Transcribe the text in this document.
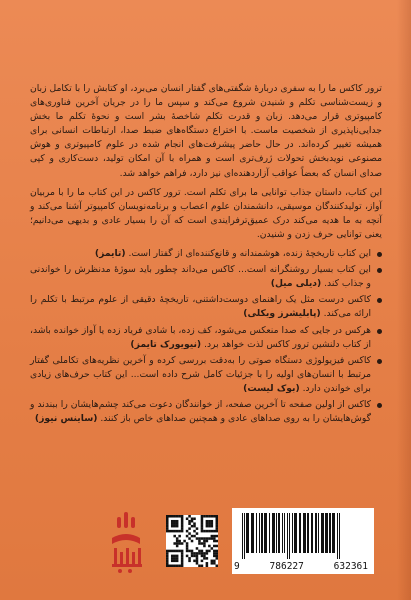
ترور کاکس ما را به سفری دربارهٔ شگفتی‌های گفتار انسان می‌برد، او کتابش را با تکامل زبان و زیست‌شناسی تکلم و شنیدن شروع می‌کند و سپس ما را در جریان آخرین فناوری‌های کامپیوتری قرار می‌دهد. زبان و قدرت تکلم شاخصهٔ بشر است و نحوهٔ تکلم ما بخش جدایی‌ناپذیری از شخصیت ماست. با اختراع دستگاه‌های ضبط صدا، ارتباطات انسانی برای همیشه تغییر کرده‌اند. در حال حاضر پیشرفت‌های انجام شده در علوم کامپیوتری و هوش مصنوعی نویدبخش تحولات ژرف‌تری است و همراه با آن امکان تولید، دست‌کاری و کپی صدای انسان که بعضاً عواقب آزاردهنده‌ای نیز دارد، فراهم خواهد شد.

این کتاب، داستان جذاب توانایی ما برای تکلم است. ترور کاکس در این کتاب ما را با مربیان آواز، تولیدکنندگان موسیقی، دانشمندان علوم اعصاب و برنامه‌نویسان کامپیوتر آشنا می‌کند و آنچه به ما هدیه می‌کند درک عمیق‌ترفرایندی است که آن را بسیار عادی و بدیهی می‌دانیم؛ یعنی توانایی حرف زدن و شنیدن.

این کتاب تاریخچهٔ زنده، هوشمندانه و قانع‌کننده‌ای از گفتار است. (تایمز)
این کتاب بسیار روشنگرانه است... کاکس می‌داند چطور باید سوژهٔ مدنظرش را خواندنی و جذاب کند. (دیلی میل)
کاکس درست مثل یک راهنمای دوست‌داشتنی، تاریخچهٔ دقیقی از علوم مرتبط با تکلم را ارائه می‌کند. (پابلیشرز ویکلی)
هرکس در جایی که صدا منعکس می‌شود، کف زده، با شادی فریاد زده یا آواز خوانده باشد، از کتاب دلنشین ترور کاکس لذت خواهد برد. (نیویورک تایمز)
کاکس فیزیولوژی دستگاه صوتی را به‌دقت بررسی کرده و آخرین نظریه‌های تکاملی گفتار مرتبط با انسان‌های اولیه را با جزئیات کامل شرح داده است... این کتاب حرف‌های زیادی برای خواندن دارد. (بوک لیست)
کاکس از اولین صفحه تا آخرین صفحه، از خوانندگان دعوت می‌کند چشم‌هایشان را ببندند و گوش‌هایشان را به روی صداهای عادی و همچنین صداهای خاص باز کنند. (ساینس نیوز)
9	786227	632361
